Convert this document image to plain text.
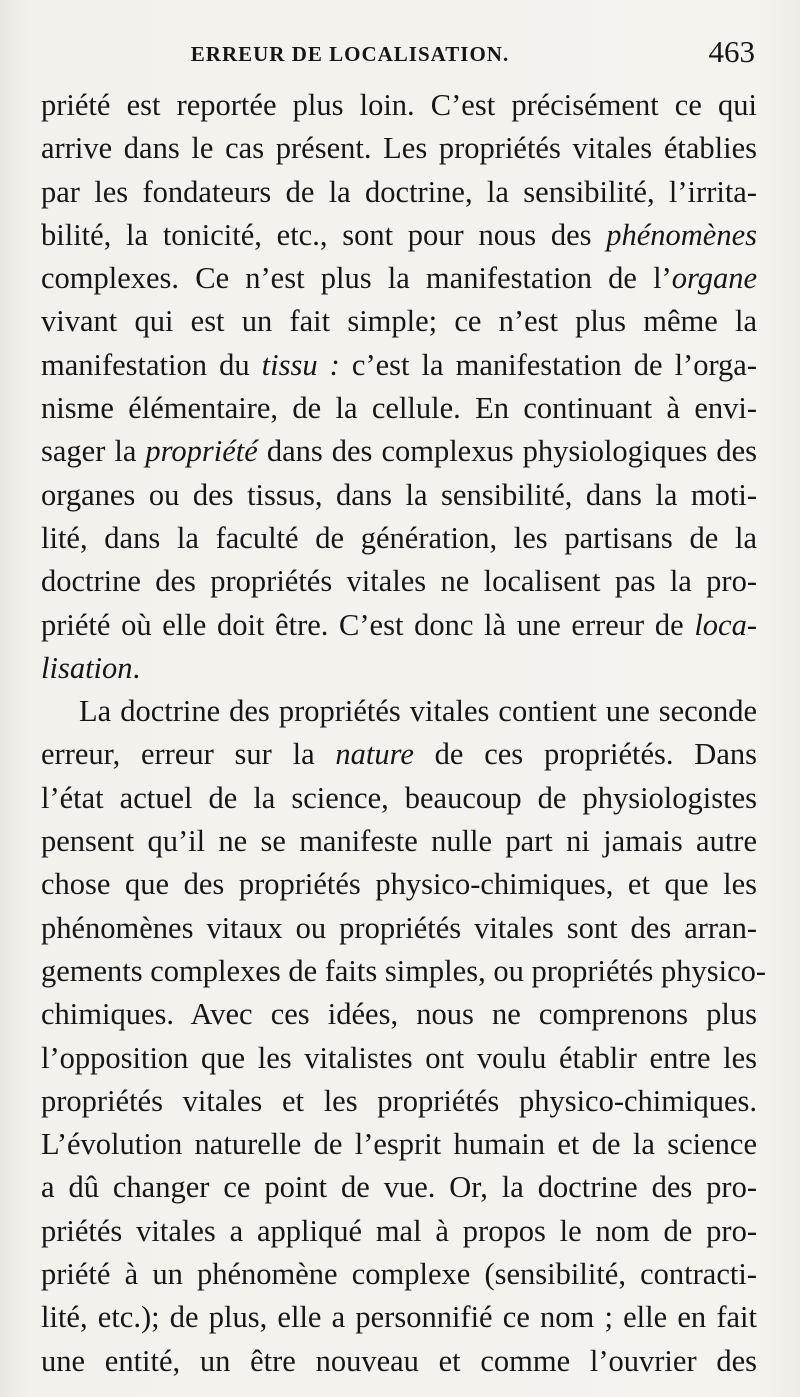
ERREUR DE LOCALISATION.	463
priété est reportée plus loin. C’est précisément ce qui
arrive dans le cas présent. Les propriétés vitales établies
par les fondateurs de la doctrine, la sensibilité, l’irrita-
bilité, la tonicité, etc., sont pour nous des phénomènes
complexes. Ce n’est plus la manifestation de l’organe
vivant qui est un fait simple; ce n’est plus même la
manifestation du tissu : c’est la manifestation de l’orga-
nisme élémentaire, de la cellule. En continuant à envi-
sager la propriété dans des complexus physiologiques des
organes ou des tissus, dans la sensibilité, dans la moti-
lité, dans la faculté de génération, les partisans de la
doctrine des propriétés vitales ne localisent pas la pro-
priété où elle doit être. C’est donc là une erreur de loca-
lisation.
La doctrine des propriétés vitales contient une seconde
erreur, erreur sur la nature de ces propriétés. Dans
l’état actuel de la science, beaucoup de physiologistes
pensent qu’il ne se manifeste nulle part ni jamais autre
chose que des propriétés physico-chimiques, et que les
phénomènes vitaux ou propriétés vitales sont des arran-
gements complexes de faits simples, ou propriétés physico-
chimiques. Avec ces idées, nous ne comprenons plus
l’opposition que les vitalistes ont voulu établir entre les
propriétés vitales et les propriétés physico-chimiques.
L’évolution naturelle de l’esprit humain et de la science
a dû changer ce point de vue. Or, la doctrine des pro-
priétés vitales a appliqué mal à propos le nom de pro-
priété à un phénomène complexe (sensibilité, contracti-
lité, etc.); de plus, elle a personnifié ce nom ; elle en fait
une entité, un être nouveau et comme l’ouvrier des
